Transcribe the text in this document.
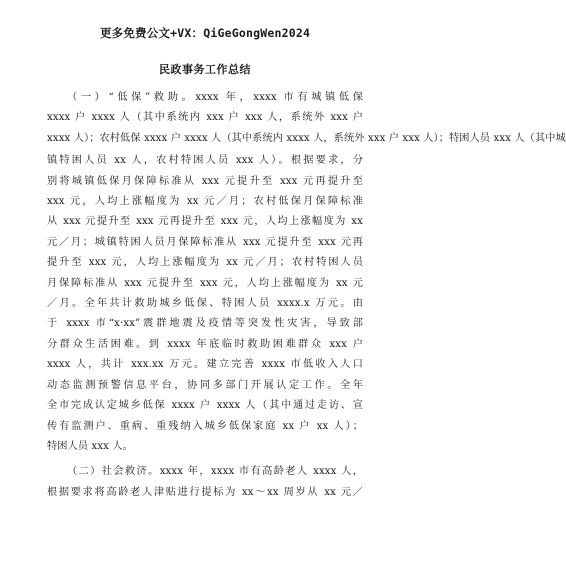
更多免费公文+VX：QiGeGongWen2024
民政事务工作总结

（一）“低保”救助。xxxx 年，xxxx 市有城镇低保
xxxx 户 xxxx 人（其中系统内 xxx 户 xxx 人，系统外 xxx 户
xxxx 人）；农村低保 xxxx 户 xxxx 人（其中系统内 xxxx 人，系统外 xxx 户 xxx 人）；特困人员 xxx 人（其中城
镇特困人员 xx 人，农村特困人员 xxx 人）。根据要求，分
别将城镇低保月保障标准从 xxx 元提升至 xxx 元再提升至
xxx 元，人均上涨幅度为 xx 元／月；农村低保月保障标准
从 xxx 元提升至 xxx 元再提升至 xxx 元，人均上涨幅度为 xx
元／月；城镇特困人员月保障标准从 xxx 元提升至 xxx 元再
提升至 xxx 元，人均上涨幅度为 xx 元／月；农村特困人员
月保障标准从 xxx 元提升至 xxx 元，人均上涨幅度为 xx 元
／月。全年共计救助城乡低保、特困人员 xxxx.x 万元。由
于 xxxx 市“x·xx”震群地震及疫情等突发性灾害，导致部
分群众生活困难。到 xxxx 年底临时救助困难群众 xxx 户
xxxx 人，共计 xxx.xx 万元。建立完善 xxxx 市低收入人口
动态监测预警信息平台，协同多部门开展认定工作。全年
全市完成认定城乡低保 xxxx 户 xxxx 人（其中通过走访、宣
传有监测户、重病、重残纳入城乡低保家庭 xx 户 xx 人）；
特困人员 xxx 人。

（二）社会救济。xxxx 年，xxxx 市有高龄老人 xxxx 人，
根据要求将高龄老人津贴进行提标为 xx～xx 周岁从 xx 元／
